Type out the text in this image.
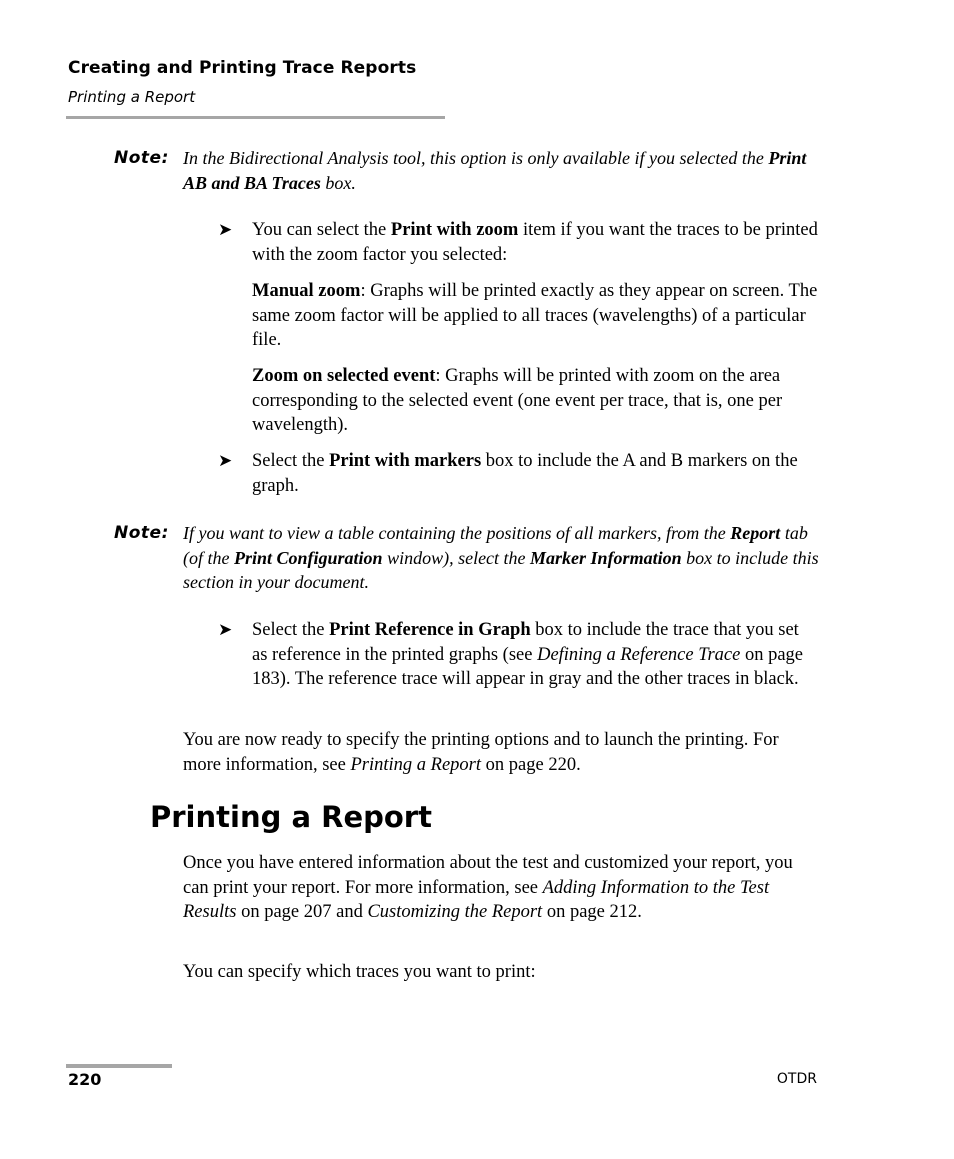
Creating and Printing Trace Reports
Printing a Report
Note: In the Bidirectional Analysis tool, this option is only available if you selected the Print AB and BA Traces box.
➤ You can select the Print with zoom item if you want the traces to be printed with the zoom factor you selected:
Manual zoom: Graphs will be printed exactly as they appear on screen. The same zoom factor will be applied to all traces (wavelengths) of a particular file.
Zoom on selected event: Graphs will be printed with zoom on the area corresponding to the selected event (one event per trace, that is, one per wavelength).
➤ Select the Print with markers box to include the A and B markers on the graph.
Note: If you want to view a table containing the positions of all markers, from the Report tab (of the Print Configuration window), select the Marker Information box to include this section in your document.
➤ Select the Print Reference in Graph box to include the trace that you set as reference in the printed graphs (see Defining a Reference Trace on page 183). The reference trace will appear in gray and the other traces in black.
You are now ready to specify the printing options and to launch the printing. For more information, see Printing a Report on page 220.
Printing a Report
Once you have entered information about the test and customized your report, you can print your report. For more information, see Adding Information to the Test Results on page 207 and Customizing the Report on page 212.
You can specify which traces you want to print:
220	OTDR
